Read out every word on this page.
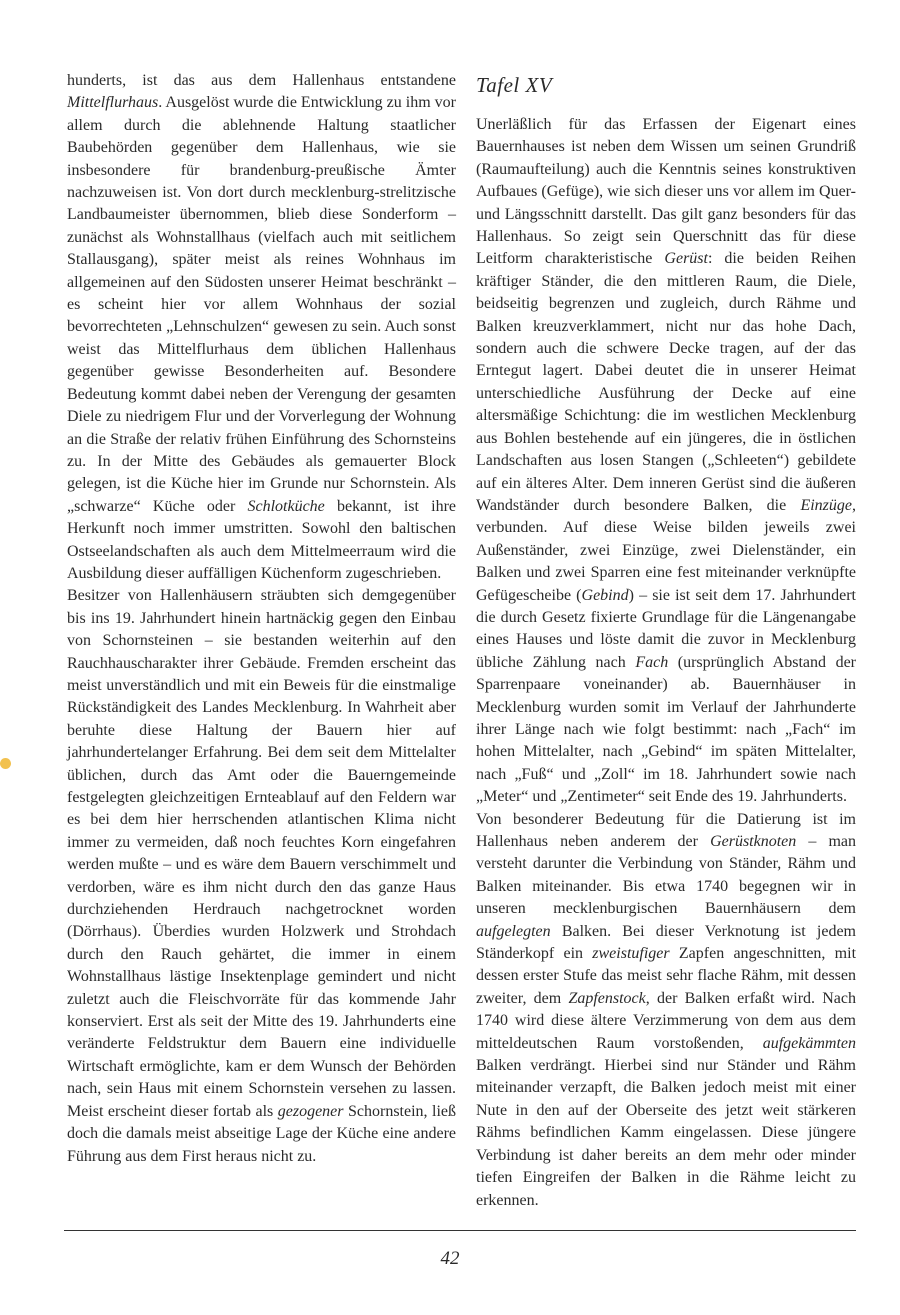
hunderts, ist das aus dem Hallenhaus entstandene Mittelflurhaus. Ausgelöst wurde die Entwicklung zu ihm vor allem durch die ablehnende Haltung staatlicher Baubehörden gegenüber dem Hallenhaus, wie sie insbesondere für brandenburg-preußische Ämter nachzuweisen ist. Von dort durch mecklenburg-strelitzische Landbaumeister übernommen, blieb diese Sonderform – zunächst als Wohnstallhaus (vielfach auch mit seitlichem Stallausgang), später meist als reines Wohnhaus im allgemeinen auf den Südosten unserer Heimat beschränkt – es scheint hier vor allem Wohnhaus der sozial bevorrechteten „Lehnschulzen“ gewesen zu sein. Auch sonst weist das Mittelflurhaus dem üblichen Hallenhaus gegenüber gewisse Besonderheiten auf. Besondere Bedeutung kommt dabei neben der Verengung der gesamten Diele zu niedrigem Flur und der Vorverlegung der Wohnung an die Straße der relativ frühen Einführung des Schornsteins zu. In der Mitte des Gebäudes als gemauerter Block gelegen, ist die Küche hier im Grunde nur Schornstein. Als „schwarze“ Küche oder Schlotküche bekannt, ist ihre Herkunft noch immer umstritten. Sowohl den baltischen Ostseelandschaften als auch dem Mittelmeerraum wird die Ausbildung dieser auffälligen Küchenform zugeschrieben.

Besitzer von Hallenhäusern sträubten sich demgegenüber bis ins 19. Jahrhundert hinein hartnäckig gegen den Einbau von Schornsteinen – sie bestanden weiterhin auf den Rauchhauscharakter ihrer Gebäude. Fremden erscheint das meist unverständlich und mit ein Beweis für die einstmalige Rückständigkeit des Landes Mecklenburg. In Wahrheit aber beruhte diese Haltung der Bauern hier auf jahrhundertelanger Erfahrung. Bei dem seit dem Mittelalter üblichen, durch das Amt oder die Bauerngemeinde festgelegten gleichzeitigen Ernteablauf auf den Feldern war es bei dem hier herrschenden atlantischen Klima nicht immer zu vermeiden, daß noch feuchtes Korn eingefahren werden mußte – und es wäre dem Bauern verschimmelt und verdorben, wäre es ihm nicht durch den das ganze Haus durchziehenden Herdrauch nachgetrocknet worden (Dörrhaus). Überdies wurden Holzwerk und Strohdach durch den Rauch gehärtet, die immer in einem Wohnstallhaus lästige Insektenplage gemindert und nicht zuletzt auch die Fleischvorräte für das kommende Jahr konserviert. Erst als seit der Mitte des 19. Jahrhunderts eine veränderte Feldstruktur dem Bauern eine individuelle Wirtschaft ermöglichte, kam er dem Wunsch der Behörden nach, sein Haus mit einem Schornstein versehen zu lassen. Meist erscheint dieser fortab als gezogener Schornstein, ließ doch die damals meist abseitige Lage der Küche eine andere Führung aus dem First heraus nicht zu.

Tafel XV

Unerläßlich für das Erfassen der Eigenart eines Bauernhauses ist neben dem Wissen um seinen Grundriß (Raumaufteilung) auch die Kenntnis seines konstruktiven Aufbaues (Gefüge), wie sich dieser uns vor allem im Quer- und Längsschnitt darstellt. Das gilt ganz besonders für das Hallenhaus. So zeigt sein Querschnitt das für diese Leitform charakteristische Gerüst: die beiden Reihen kräftiger Ständer, die den mittleren Raum, die Diele, beidseitig begrenzen und zugleich, durch Rähme und Balken kreuzverklammert, nicht nur das hohe Dach, sondern auch die schwere Decke tragen, auf der das Erntegut lagert. Dabei deutet die in unserer Heimat unterschiedliche Ausführung der Decke auf eine altersmäßige Schichtung: die im westlichen Mecklenburg aus Bohlen bestehende auf ein jüngeres, die in östlichen Landschaften aus losen Stangen („Schleeten“) gebildete auf ein älteres Alter. Dem inneren Gerüst sind die äußeren Wandständer durch besondere Balken, die Einzüge, verbunden. Auf diese Weise bilden jeweils zwei Außenständer, zwei Einzüge, zwei Dielenständer, ein Balken und zwei Sparren eine fest miteinander verknüpfte Gefügescheibe (Gebind) – sie ist seit dem 17. Jahrhundert die durch Gesetz fixierte Grundlage für die Längenangabe eines Hauses und löste damit die zuvor in Mecklenburg übliche Zählung nach Fach (ursprünglich Abstand der Sparrenpaare voneinander) ab. Bauernhäuser in Mecklenburg wurden somit im Verlauf der Jahrhunderte ihrer Länge nach wie folgt bestimmt: nach „Fach“ im hohen Mittelalter, nach „Gebind“ im späten Mittelalter, nach „Fuß“ und „Zoll“ im 18. Jahrhundert sowie nach „Meter“ und „Zentimeter“ seit Ende des 19. Jahrhunderts.

Von besonderer Bedeutung für die Datierung ist im Hallenhaus neben anderem der Gerüstknoten – man versteht darunter die Verbindung von Ständer, Rähm und Balken miteinander. Bis etwa 1740 begegnen wir in unseren mecklenburgischen Bauernhäusern dem aufgelegten Balken. Bei dieser Verknotung ist jedem Ständerkopf ein zweistufiger Zapfen angeschnitten, mit dessen erster Stufe das meist sehr flache Rähm, mit dessen zweiter, dem Zapfenstock, der Balken erfaßt wird. Nach 1740 wird diese ältere Verzimmerung von dem aus dem mitteldeutschen Raum vorstoßenden, aufgekämmten Balken verdrängt. Hierbei sind nur Ständer und Rähm miteinander verzapft, die Balken jedoch meist mit einer Nute in den auf der Oberseite des jetzt weit stärkeren Rähms befindlichen Kamm eingelassen. Diese jüngere Verbindung ist daher bereits an dem mehr oder minder tiefen Eingreifen der Balken in die Rähme leicht zu erkennen.

42
